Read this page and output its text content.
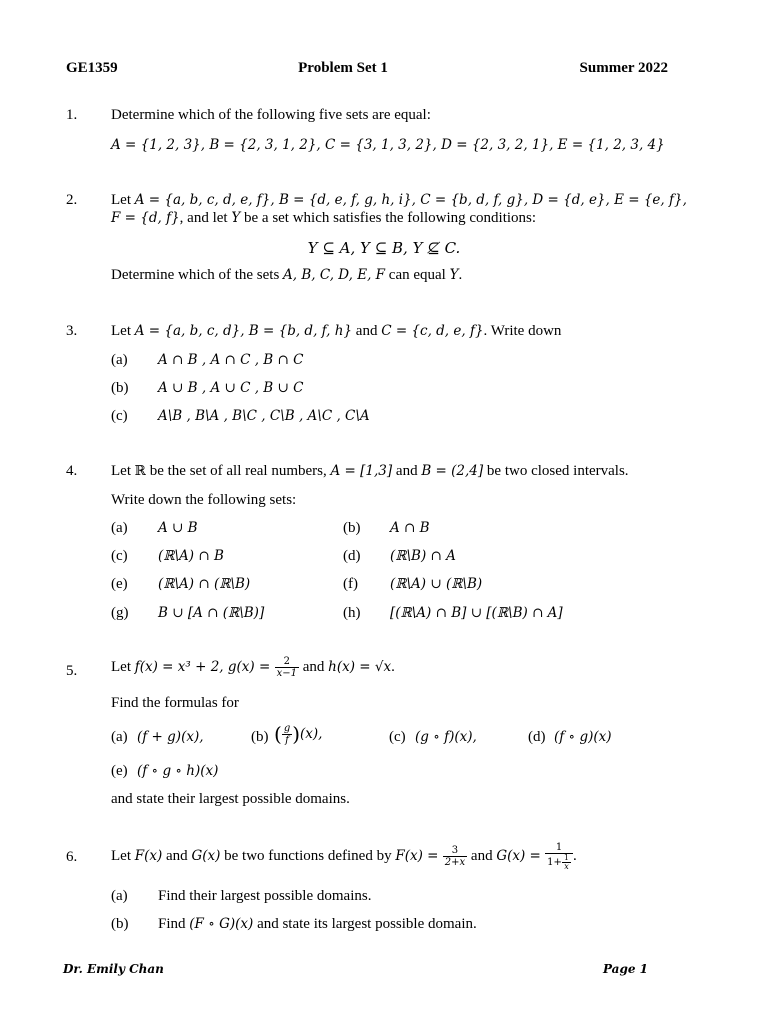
GE1359	Problem Set 1	Summer 2022
1. Determine which of the following five sets are equal:
A = {1, 2, 3}, B = {2, 3, 1, 2}, C = {3, 1, 3, 2}, D = {2, 3, 2, 1}, E = {1, 2, 3, 4}
2. Let A = {a, b, c, d, e, f}, B = {d, e, f, g, h, i}, C = {b, d, f, g}, D = {d, e}, E = {e, f},
F = {d, f}, and let Y be a set which satisfies the following conditions:
Y ⊆ A, Y ⊆ B, Y ⊈ C.
Determine which of the sets A, B, C, D, E, F can equal Y.
3. Let A = {a, b, c, d}, B = {b, d, f, h} and C = {c, d, e, f}. Write down
(a) A ∩ B , A ∩ C , B ∩ C
(b) A ∪ B , A ∪ C , B ∪ C
(c) A\B , B\A , B\C , C\B , A\C , C\A
4. Let ℝ be the set of all real numbers, A = [1,3] and B = (2,4] be two closed intervals.
Write down the following sets:
(a) A ∪ B	(b) A ∩ B
(c) (ℝ\A) ∩ B	(d) (ℝ\B) ∩ A
(e) (ℝ\A) ∩ (ℝ\B)	(f) (ℝ\A) ∪ (ℝ\B)
(g) B ∪ [A ∩ (ℝ\B)]	(h) [(ℝ\A) ∩ B] ∪ [(ℝ\B) ∩ A]
5. Let f(x) = x³ + 2, $g(x) = \frac{2}{x-1}$ and h(x) = √x.
Find the formulas for
(a) (f + g)(x),	(b) ( $\frac{g}{f} )(x)$,	(c) (g ∘ f)(x),	(d) (f ∘ g)(x)
(e) (f ∘ g ∘ h)(x)
and state their largest possible domains.
6. Let F(x) and G(x) be two functions defined by $F(x) = \frac{3}{2+x}$ and $G(x) = \frac{1}{1+ \frac{1}{x}}$ .
(a) Find their largest possible domains.
(b) Find (F ∘ G)(x) and state its largest possible domain.
Dr. Emily Chan	Page 1
